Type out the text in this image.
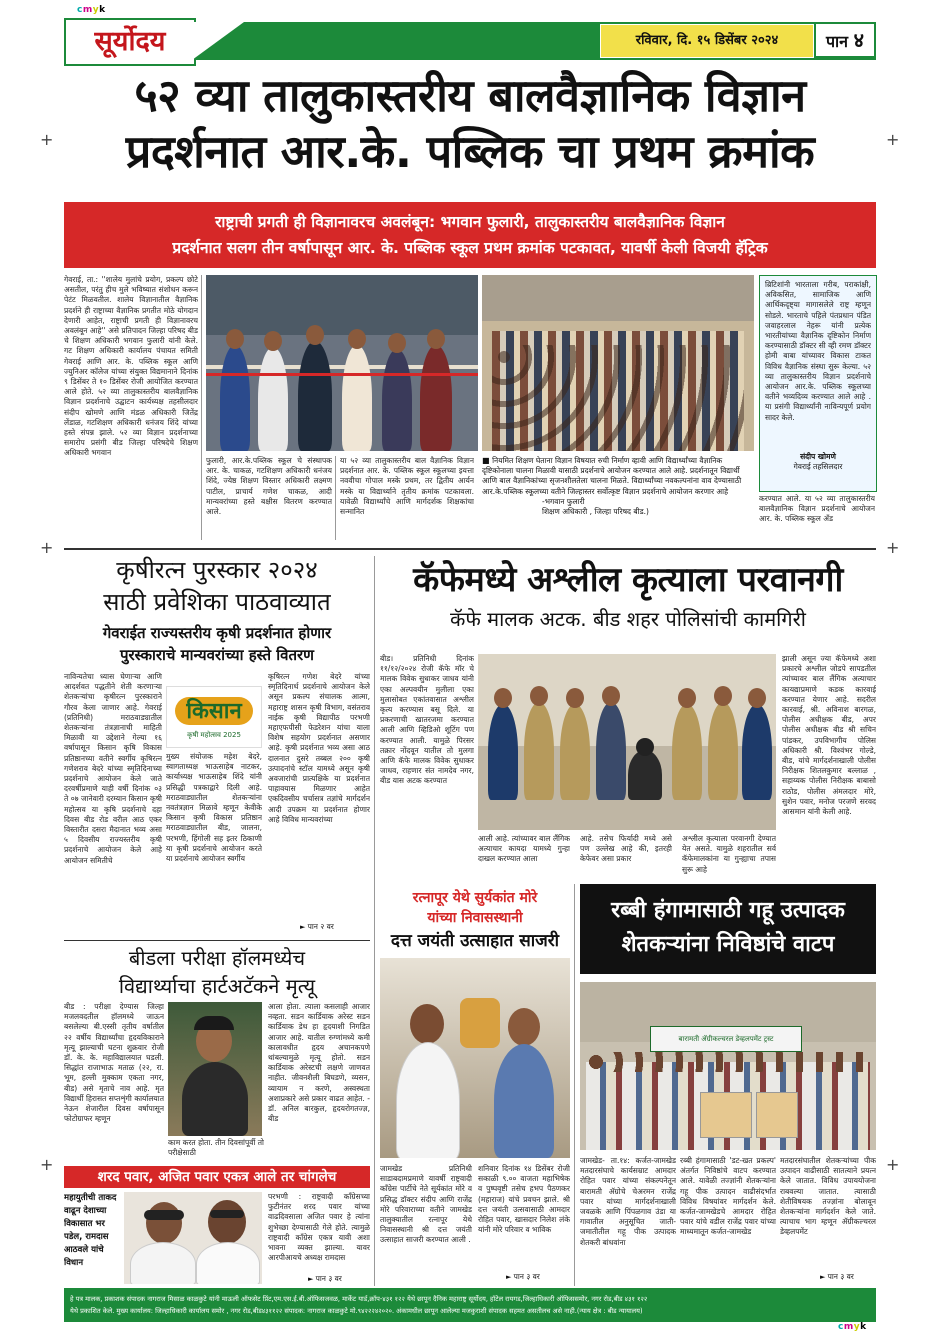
cmyk
cmyk
+	+
+	+
+	+
सूर्योदय	रविवार, दि. १५ डिसेंबर २०२४	पान ४
५२ व्या तालुकास्तरीय बालवैज्ञानिक विज्ञान
प्रदर्शनात आर.के. पब्लिक चा प्रथम क्रमांक
राष्ट्राची प्रगती ही विज्ञानावरच अवलंबून: भगवान फुलारी, तालुकास्तरीय बालवैज्ञानिक विज्ञान
प्रदर्शनात सलग तीन वर्षापासून आर. के. पब्लिक स्कूल प्रथम क्रमांक पटकावत, यावर्षी केली विजयी हॅट्रिक
गेवराई, ता.: ''शालेय मुलांचे प्रयोग, प्रकल्प छोटे असतील, परंतु हीच मुले भविष्यात संशोधन करून पेटंट मिळवतील. शालेय विज्ञानातील वैज्ञानिक प्रदर्शने ही राष्ट्राच्या वैज्ञानिक प्रगतीत मोठे योगदान देणारी आहेत, राष्ट्राची प्रगती ही विज्ञानावरच अवलंबून आहे'' असे प्रतिपादन जिल्हा परिषद बीड चे शिक्षण अधिकारी भगवान फुलारी यांनी केले. गट शिक्षण अधिकारी कार्यालय पंचायत समिती गेवराई आणि आर. के. पब्लिक स्कूल आणि ज्युनिअर कॉलेज यांच्या संयुक्त विद्यमानाने दिनांक ९ डिसेंबर ते १० डिसेंबर रोजी आयोजित करण्यात आले होते. ५२ व्या तालुकास्तरीय बालवैज्ञानिक विज्ञान प्रदर्शनाचे उद्घाटन कार्यध्यक्ष तहसीलदार संदीप खोमणे आणि मंडळ अधिकारी जितेंद्र लेंडाळ, गटशिक्षण अधिकारी धनंजय शिंदे यांच्या हस्ते संपन्न झाले. ५२ व्या विज्ञान प्रदर्शनाच्या समारोप प्रसंगी बीड जिल्हा परिषदेचे शिक्षण अधिकारी भगवान
ब्रिटिशांनी भारताला गरीब, पराकांक्षी, अविकसित, सामाजिक आणि आर्थिकदृष्ट्या मागासलेले राष्ट्र म्हणून सोडले. भारताचे पहिले पंतप्रधान पंडित जवाहरलाल नेहरू यांनी प्रत्येक भारतीयांच्या वैज्ञानिक दृष्टिकोन निर्माण करण्यासाठी डॉक्टर सी व्ही रमण डॉक्टर होमी बाबा यांच्यावर विकास टाकत विविध वैज्ञानिक संस्था सुरू केल्या. ५२ व्या तालुकास्तरीय विज्ञान प्रदर्शनाचे आयोजन आर.के. पब्लिक स्कूलच्या वतीने भव्यदिव्य करण्यात आले आहे . या प्रसंगी विद्यार्थ्यांनी नाविन्यपूर्ण प्रयोग सादर केले.
संदीप खोमणे
गेवराई तहसिलदार
करण्यात आले. या ५२ व्या तालुकास्तरीय बालवैज्ञानिक विज्ञान प्रदर्शनाचे आयोजन आर. के. पब्लिक स्कूल ॲंड
फुलारी, आर.के.पब्लिक स्कूल चे संस्थापक आर. के. चाकळ, गटशिक्षण अधिकारी धनंजय शिंदे, ज्येष्ठ शिक्षण विस्तार अधिकारी लक्ष्मण पाटील, प्राचार्य गणेश चाकळ, आदी मान्यवरांच्या हस्ते बक्षीस वितरण करण्यात आले.
या ५२ व्या तालुकास्तरीय बाल वैज्ञानिक विज्ञान प्रदर्शनात आर. के. पब्लिक स्कूल स्कूलच्या इयत्ता नववीचा गोपाल मस्के प्रथम, तर द्वितीय आर्यन मस्के या विद्यार्थ्याने तृतीय क्रमांक पटकावला. यावेळी विद्यार्थ्यांचे आणि मार्गदर्शक शिक्षकांचा सन्मानित
■ नियमित शिक्षण घेताना विज्ञान विषयात रुची निर्माण व्हावी आणि विद्यार्थ्यांच्या वैज्ञानिक दृष्टिकोनाला चालना मिळावी यासाठी प्रदर्शनाचे आयोजन करण्यात आले आहे. प्रदर्शनातून विद्यार्थी आणि बाल वैज्ञानिकांच्या सृजनशीलतेला चालना मिळते. विद्यार्थ्यांच्या नवकल्पनांना वाव देण्यासाठी आर.के.पब्लिक स्कूलच्या वतीने जिल्हास्तर सर्वोत्कृष्ट विज्ञान प्रदर्शनाचे आयोजन करणार आहे
-भगवान फुलारी
शिक्षण अधिकारी , जिल्हा परिषद बीड.)
कृषीरत्न पुरस्कार २०२४
साठी प्रवेशिका पाठवाव्यात
गेवराईत राज्यस्तरीय कृषी प्रदर्शनात होणार
पुरस्काराचे मान्यवरांच्या हस्ते वितरण
नाविन्यतेचा ध्यास घेणाऱ्या आणि आदर्शवत पद्धतीने शेती करणाऱ्या शेतकऱ्यांचा कृषीरत्न पुरस्काराने गौरव केला जाणार आहे. गेवराई (प्रतिनिधी) मराठवाड्यातील शेतकऱ्यांना तंत्रज्ञानाची माहिती मिळावी या उद्देशाने गेल्या १६ वर्षापासून किसान कृषि विकास प्रतिष्ठानच्या वतीने स्वर्गीय कृषिरत्न गणेशराव बेदरे यांच्या स्मृतिदिनाच्या प्रदर्शनाचे आयोजन केले जाते दरवर्षीप्रमाणे याही वर्षी दिनांक ०३ ते ०७ जानेवारी दरम्यान किसान कृषी महोत्सव या कृषि प्रदर्शनाचे दहा दिवस बीड रोड वरील आठ एकर विस्तारीत दसरा मैदानात भव्य असा ५ दिवसीय राज्यस्तरीय कृषी प्रदर्शनाचे आयोजन केले आहे आयोजन समितीचे
किसान
कृषी महोत्सव 2025
मुख्य संयोजक महेश बेदरे, स्वागताध्यक्ष भाऊसाहेब नाटकर, कार्याध्यक्ष भाऊसाहेब शिंदे यांनी प्रसिद्धी पत्रकाद्वारे दिली आहे. मराठवाड्यातील शेतकऱ्यांना नवतंत्रज्ञान मिळावे म्हणून केवीके किसान कृषी विकास प्रतिष्ठान मराठवाड्यातील बीड, जालना, परभणी, हिंगोली सह इतर ठिकाणी या कृषी प्रदर्शनाचे आयोजन करते या प्रदर्शनाचे आयोजन स्वर्गीय
कृषिरत्न गणेश बेदरे यांच्या स्मृतिदिनार्थ प्रदर्शनाचे आयोजन केले असून प्रकल्प संचालक आत्मा, महाराष्ट्र शासन कृषी विभाग, वसंतराव नाईक कृषी विद्यापीठ परभणी महाएफपीसी फेडरेशन यांचा याला विशेष सहयोग प्रदर्शनात असणार आहे. कृषी प्रदर्शनात भव्य असा आठ दालनात दुसरे तब्बल २०० कृषी उत्पादनांचे स्टॉल यामध्ये असून कृषी अवजारांची प्रात्यक्षिके या प्रदर्शनात पाहावयास मिळणार आहेत एकदिवसीय चर्चासत्र तज्ञांचे मार्गदर्शन आदी उपक्रम या प्रदर्शनात होणार आहे विविध मान्यवरांच्या
► पान २ वर
बीडला परीक्षा हॉलमध्येच
विद्यार्थ्याचा हार्टअटॅकने मृत्यू
बीड : परीक्षा देण्यास जिल्हा मजलवदतील हॉलमध्ये जाऊन बसलेल्या बी.एस्सी तृतीय वर्षातील २२ वर्षीय विद्यार्थ्यांचा हृदयविकाराने मृत्यू झाल्याची घटना शुक्रवार रोजी डॉ. के. के. महाविद्यालयात घडली. सिद्धांत राजाभाऊ मताळ (२२, रा. भूम, हल्ली मुक्काम एकता नगर, बीड) असे मृताचे नाव आहे. मृत विद्यार्थी हिरासत सप्तशृंगी कार्यालयात नेऊन शेजारील दिवस वर्षापासून फोटोग्राफर म्हणून
काम करत होता. तीन दिवसांपूर्वी तो परीक्षेसाठी
आला होता. त्याला कसलाही आजार नव्हता. सडन कार्डियाक अरेस्ट सडन कार्डियाक डेथ हा हृदयाशी निगडित आजार आहे. यातील रुग्णांमध्ये कमी कालावधीत हृदय अचानकपणे थांबल्यामुळे मृत्यू होतो. सडन कार्डियाक अरेस्टची लक्षणे जाणवत नाहीत. जीवनशैली बिघडणे, व्यसन, व्यायाम न करणे, अस्वस्थता अशाप्रकारे असे प्रकार वाढत आहेत. - डॉ. अनिल बारकुल, हृदयरोगतज्ज्ञ, बीड
शरद पवार, अजित पवार एकत्र आले तर चांगलेच
महायुतीची ताकद वाढून देशाच्या विकासात भर पडेल, रामदास आठवले यांचे विधान
परभणी : राष्ट्रवादी काँग्रेसच्या फुटीनंतर शरद पवार यांच्या वाढदिवसाला अजित पवार हे त्यांना शुभेच्छा देण्यासाठी गेले होते. त्यामुळे राष्ट्रवादी काँग्रेस एकत्र यावी अशा भावना व्यक्त झाल्या. यावर आरपीआयचे अध्यक्ष रामदास
► पान ३ वर
कॅफेमध्ये अश्लील कृत्याला परवानगी
कॅफे मालक अटक. बीड शहर पोलिसांची कामगिरी
बीड। प्रतिनिधी दिनांक ११/१२/२०२४ रोजी कॅफे मॉर चे मालक विवेक सुधाकर जाधव यांनी एका अल्पवयीन मुलीला एका मुलासोबत एकांतवासात अश्लील कृत्य करण्यास बसू दिले. या प्रकरणाची खातरजमा करण्यात आली आणि व्हिडिओ शूटिंग पण करण्यात आली. यामुळे पिरसर तक्रार नोंदवून यातील तो मुलगा आणि कॅफे मालक विवेक सुधाकर जाधव, राहणार संत नामदेव नगर, बीड यास अटक करण्यात
आली आहे. त्यांच्यावर बाल लैंगिक अत्याचार कायदा यामध्ये गुन्हा दाखल करण्यात आला
आहे. तसेच फिर्यादी मध्ये असे पण उल्लेख आहे की, इतरही केफेवर असा प्रकार
अश्लील कृत्याला परवानगी देण्यात येत असते. यामुळे शहरातील सर्व कॅफेमालकांना या गुन्ह्याचा तपास सुरू आहे
झाली असून ज्या कॅफेमध्ये अशा प्रकारचे अश्लील जोडपे सापडतील त्यांच्यावर बाल लैंगिक अत्याचार कायद्याप्रमाणे कडक कारवाई करण्यात येणार आहे. सदरील कारवाई, श्री. अविनाश बारगळ, पोलीस अधीक्षक बीड, अपर पोलीस अधीक्षक बीड श्री सचिन पांडकर, उपविभागीय पोलिस अधिकारी श्री. विश्वंभर गोल्डे, बीड, यांचे मार्गदर्शनाखाली पोलीस निरीक्षक शितलकुमार बल्लाळ , सहाय्यक पोलीस निरीक्षक बाबासो राठोड, पोलीस अंमलदार मोरे, सुशेन पवार, मनोज परजणे सरवद आसमान यांनी केली आहे.
रत्नापूर येथे सुर्यकांत मोरे
यांच्या निवासस्थानी
दत्त जयंती उत्साहात साजरी
जामखेड प्रतिनिधी साडाबदामप्रमाणे यावर्षी राष्ट्रवादी काँग्रेस पार्टीचे नेते सूर्यकांत मोरे व प्रसिद्ध डॉक्टर संदीप आणि राजेंद्र मोरे परिवाराच्या वतीने जामखेड तालुक्यातील रत्नापूर येथे निवासस्थानी श्री दत्त जयंती उत्साहात साजरी करण्यात आली .
शनिवार दिनांक १४ डिसेंबर रोजी सकाळी ९.०० वाजता महाभिषेक व पुष्पवृष्टी तसेच हभप पैठणकर (महाराज) यांचे प्रवचन झाले. श्री दत्त जयंती उत्सवासाठी आमदार रोहित पवार, खासदार निलेश लंके यांनी मोरे परिवार व भाविक
► पान ३ वर
रब्बी हंगामासाठी गहू उत्पादक
शेतकऱ्यांना निविष्ठांचे वाटप
बारामती ॲग्रीकल्चरल डेव्हलपमेंट ट्रस्ट
जामखेड- ता.१४: कर्जत-जामखेड मतदारसंघाचे कार्यसम्राट आमदार रोहित पवार यांच्या संकल्पनेतून बारामती ॲग्रोचे चेअरमन राजेंद्र पवार यांच्या मार्गदर्शनाखाली जवळके आणि पिंपळगाव उंडा या गावातील अनुसूचित जाती-जमातीतील गहू पीक उत्पादक शेतकरी बांधवांना
रब्बी हंगामासाठी 'डट-खत प्रकल्प' अंतर्गत निविष्ठांचे वाटप करण्यात आले. यावेळी तज्ज्ञांनी शेतकऱ्यांना गहू पीक उत्पादन वाढीसंदर्भात विविध विषयांवर मार्गदर्शन केले. कर्जत-जामखेडचे आमदार रोहित पवार यांचे वडील राजेंद्र पवार यांच्या माध्यमातून कर्जत-जामखेड
मतदारसंघातील शेतकऱ्यांच्या पीक उत्पादन वाढीसाठी सातत्याने प्रयत्न केले जातात. विविध उपाययोजना राबवल्या जातात. त्यासाठी शेतीविषयक तज्ज्ञांना बोलावून शेतकऱ्यांना मार्गदर्शन केले जाते. त्याचाच भाग म्हणून ॲग्रीकल्चरल डेव्हलपमेंट
► पान ३ वर
हे पत्र मालक, प्रकाशक संपादक नागराज मिसाळ काळकुटे यांनी माऊली ऑफसेट प्रिंट,एम.एस.ई.बी.ऑफिसजवळ, मार्केट यार्ड,क्रॉप-४३१ १२२ येथे छापून दैनिक महाराष्ट्र सूर्योदय, हॉटेल रायगड,जिल्हाधिकारी ऑफिससमोर, नगर रोड,बीड ४३१ १२२
येथे प्रकाशित केले. मुख्य कार्यालय: जिल्हाधिकारी कार्यालय समोर , नगर रोड,बीड४३११२२ संपादक: नागराज काळकुटे मो.९४२२२४२०२०. अंकामधील छापून आलेल्या मजकुराशी संपादक सहमत असतीलच असे नाही.(न्याय क्षेत्र : बीड न्यायालय)
